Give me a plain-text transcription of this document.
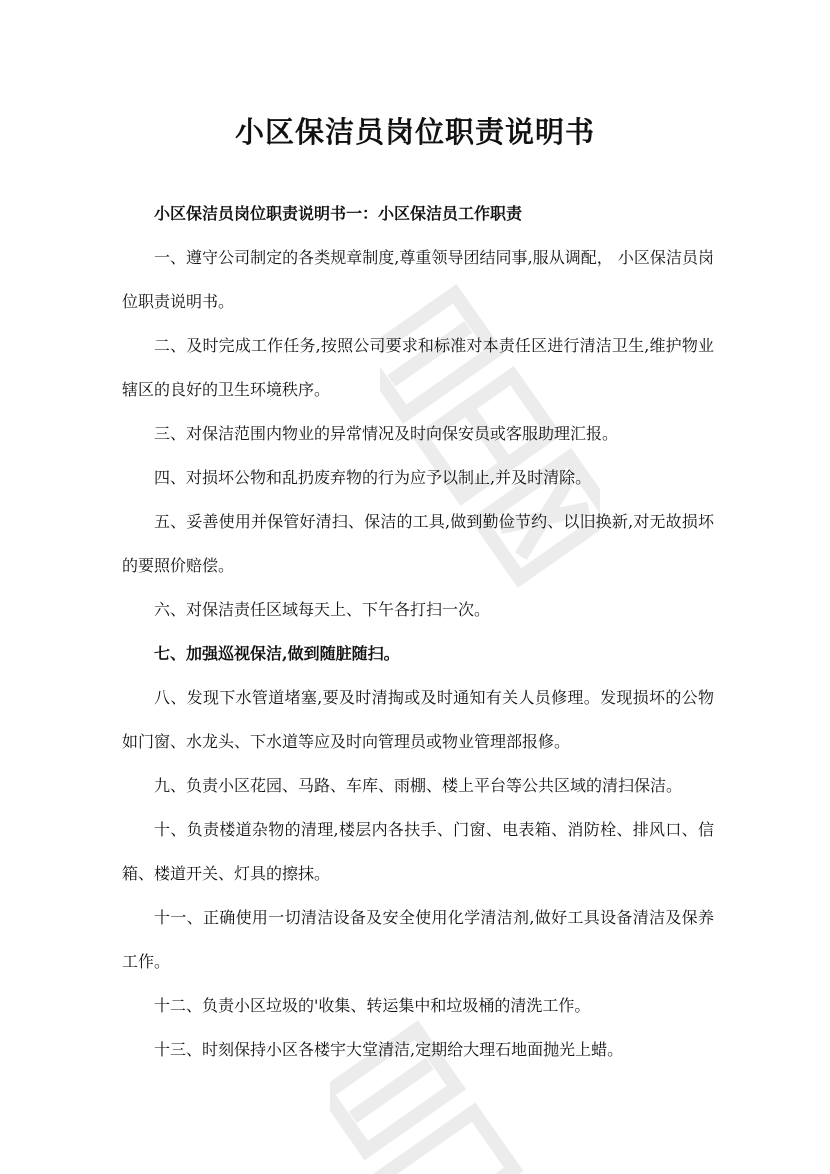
小区保洁员岗位职责说明书

小区保洁员岗位职责说明书一：小区保洁员工作职责

一、遵守公司制定的各类规章制度,尊重领导团结同事,服从调配， 小区保洁员岗位职责说明书。

二、及时完成工作任务,按照公司要求和标准对本责任区进行清洁卫生,维护物业辖区的良好的卫生环境秩序。

三、对保洁范围内物业的异常情况及时向保安员或客服助理汇报。

四、对损坏公物和乱扔废弃物的行为应予以制止,并及时清除。

五、妥善使用并保管好清扫、保洁的工具,做到勤俭节约、以旧换新,对无故损坏的要照价赔偿。

六、对保洁责任区域每天上、下午各打扫一次。

七、加强巡视保洁,做到随脏随扫。

八、发现下水管道堵塞,要及时清掏或及时通知有关人员修理。发现损坏的公物如门窗、水龙头、下水道等应及时向管理员或物业管理部报修。

九、负责小区花园、马路、车库、雨棚、楼上平台等公共区域的清扫保洁。

十、负责楼道杂物的清理,楼层内各扶手、门窗、电表箱、消防栓、排风口、信箱、楼道开关、灯具的擦抹。

十一、正确使用一切清洁设备及安全使用化学清洁剂,做好工具设备清洁及保养工作。

十二、负责小区垃圾的'收集、转运集中和垃圾桶的清洗工作。

十三、时刻保持小区各楼宇大堂清洁,定期给大理石地面抛光上蜡。
